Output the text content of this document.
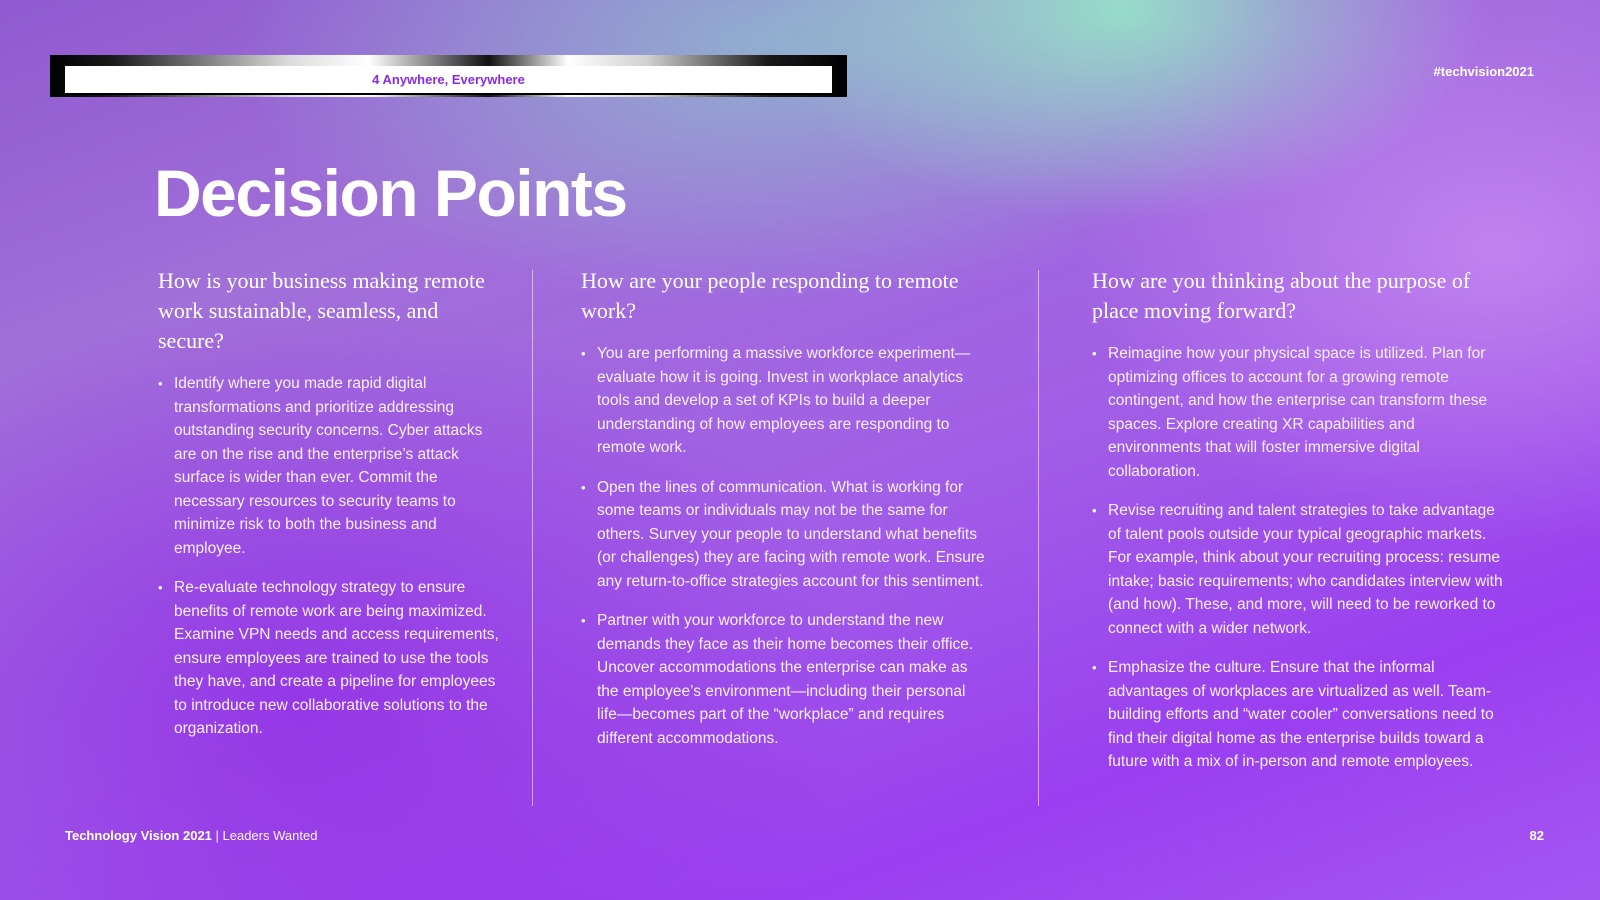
4 Anywhere, Everywhere
#techvision2021
Decision Points
How is your business making remote work sustainable, seamless, and secure?
• Identify where you made rapid digital transformations and prioritize addressing outstanding security concerns. Cyber attacks are on the rise and the enterprise’s attack surface is wider than ever. Commit the necessary resources to security teams to minimize risk to both the business and employee.
• Re-evaluate technology strategy to ensure benefits of remote work are being maximized. Examine VPN needs and access requirements, ensure employees are trained to use the tools they have, and create a pipeline for employees to introduce new collaborative solutions to the organization.
How are your people responding to remote work?
• You are performing a massive workforce experiment—evaluate how it is going. Invest in workplace analytics tools and develop a set of KPIs to build a deeper understanding of how employees are responding to remote work.
• Open the lines of communication. What is working for some teams or individuals may not be the same for others. Survey your people to understand what benefits (or challenges) they are facing with remote work. Ensure any return-to-office strategies account for this sentiment.
• Partner with your workforce to understand the new demands they face as their home becomes their office. Uncover accommodations the enterprise can make as the employee’s environment—including their personal life—becomes part of the “workplace” and requires different accommodations.
How are you thinking about the purpose of place moving forward?
• Reimagine how your physical space is utilized. Plan for optimizing offices to account for a growing remote contingent, and how the enterprise can transform these spaces. Explore creating XR capabilities and environments that will foster immersive digital collaboration.
• Revise recruiting and talent strategies to take advantage of talent pools outside your typical geographic markets. For example, think about your recruiting process: resume intake; basic requirements; who candidates interview with (and how). These, and more, will need to be reworked to connect with a wider network.
• Emphasize the culture. Ensure that the informal advantages of workplaces are virtualized as well. Team-building efforts and “water cooler” conversations need to find their digital home as the enterprise builds toward a future with a mix of in-person and remote employees.
Technology Vision 2021 | Leaders Wanted	82
